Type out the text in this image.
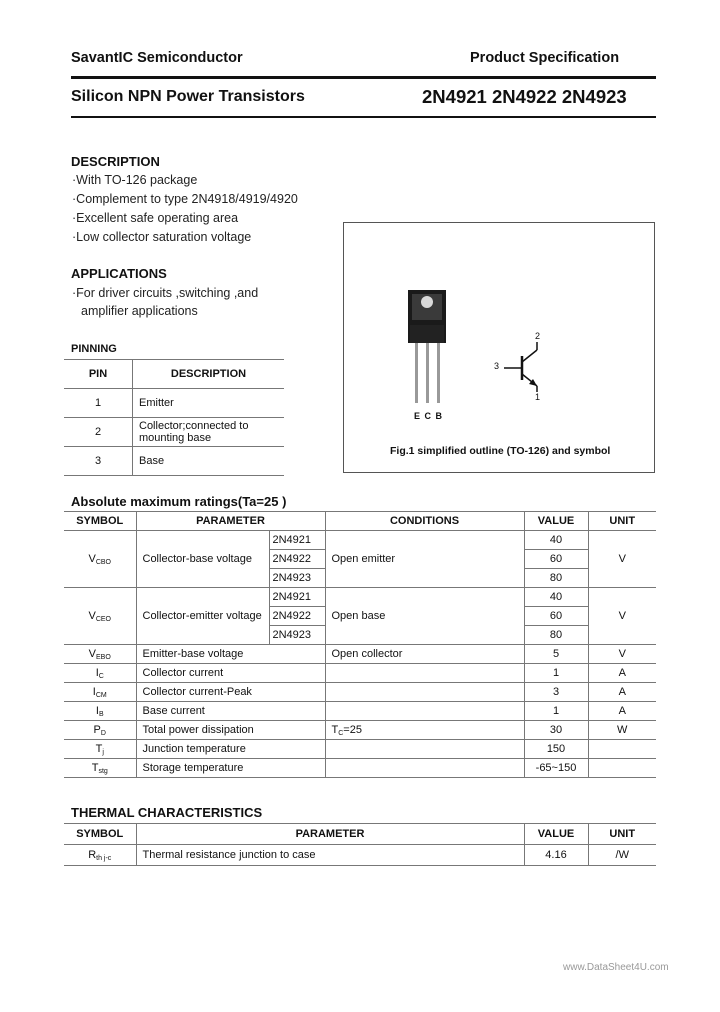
SavantIC Semiconductor	Product Specification
Silicon NPN Power Transistors	2N4921 2N4922 2N4923
DESCRIPTION
·With TO-126 package
·Complement to type 2N4918/4919/4920
·Excellent safe operating area
·Low collector saturation voltage
APPLICATIONS
·For driver circuits ,switching ,and
amplifier applications
PINNING
PIN	DESCRIPTION
1	Emitter
2	Collector;connected to mounting base
3	Base
E C B
2
3
1
Fig.1 simplified outline (TO-126) and symbol
Absolute maximum ratings(Ta=25 )
SYMBOL	PARAMETER		CONDITIONS	VALUE	UNIT
$V_{CBO}$	Collector-base voltage	2N4921	Open emitter	40	V
		2N4922		60	
		2N4923		80	
$V_{CEO}$	Collector-emitter voltage	2N4921	Open base	40	V
		2N4922		60	
		2N4923		80	
$V_{EBO}$	Emitter-base voltage		Open collector	5	V
$I_C$	Collector current			1	A
$I_{CM}$	Collector current-Peak			3	A
$I_B$	Base current			1	A
$P_D$	Total power dissipation		$T_C=25$	30	W
$T_j$	Junction temperature			150	
$T_{stg}$	Storage temperature			-65~150	
THERMAL CHARACTERISTICS
SYMBOL	PARAMETER	VALUE	UNIT
$R_{th j-c}$	Thermal resistance junction to case	4.16	/W
www.DataSheet4U.com
